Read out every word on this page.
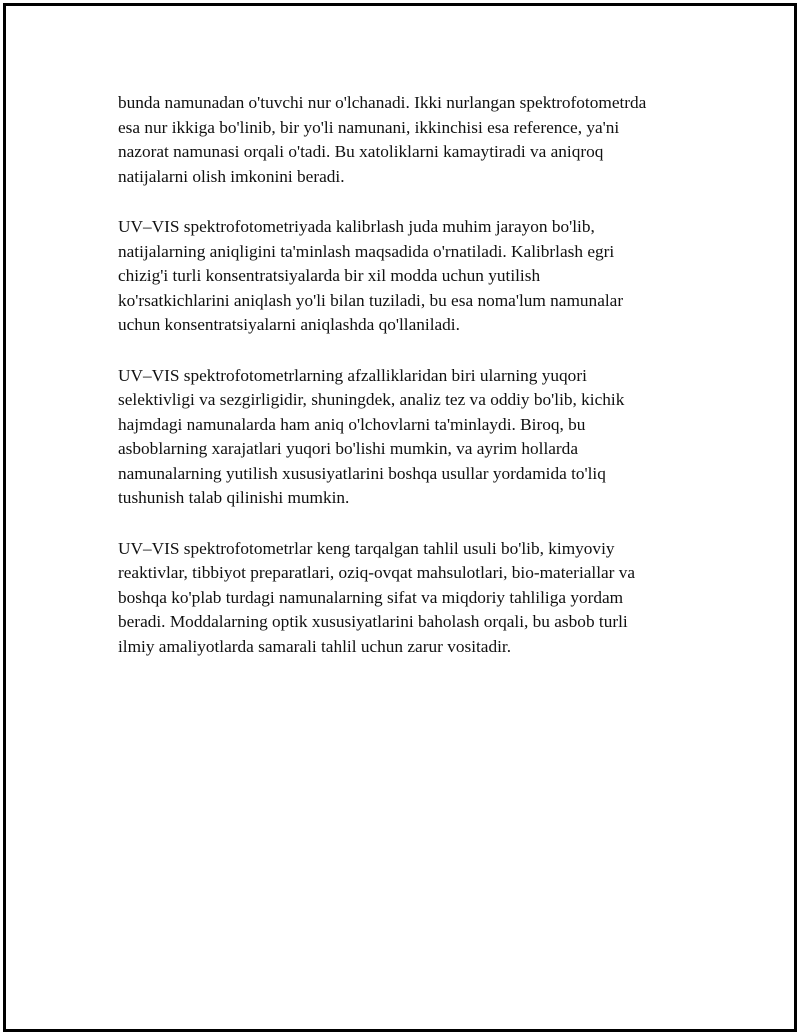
bunda namunadan o'tuvchi nur o'lchanadi. Ikki nurlangan spektrofotometrda
esa nur ikkiga bo'linib, bir yo'li namunani, ikkinchisi esa reference, ya'ni
nazorat namunasi orqali o'tadi. Bu xatoliklarni kamaytiradi va aniqroq
natijalarni olish imkonini beradi.

UV–VIS spektrofotometriyada kalibrlash juda muhim jarayon bo'lib,
natijalarning aniqligini ta'minlash maqsadida o'rnatiladi. Kalibrlash egri
chizig'i turli konsentratsiyalarda bir xil modda uchun yutilish
ko'rsatkichlarini aniqlash yo'li bilan tuziladi, bu esa noma'lum namunalar
uchun konsentratsiyalarni aniqlashda qo'llaniladi.

UV–VIS spektrofotometrlarning afzalliklaridan biri ularning yuqori
selektivligi va sezgirligidir, shuningdek, analiz tez va oddiy bo'lib, kichik
hajmdagi namunalarda ham aniq o'lchovlarni ta'minlaydi. Biroq, bu
asboblarning xarajatlari yuqori bo'lishi mumkin, va ayrim hollarda
namunalarning yutilish xususiyatlarini boshqa usullar yordamida to'liq
tushunish talab qilinishi mumkin.

UV–VIS spektrofotometrlar keng tarqalgan tahlil usuli bo'lib, kimyoviy
reaktivlar, tibbiyot preparatlari, oziq-ovqat mahsulotlari, bio-materiallar va
boshqa ko'plab turdagi namunalarning sifat va miqdoriy tahliliga yordam
beradi. Moddalarning optik xususiyatlarini baholash orqali, bu asbob turli
ilmiy amaliyotlarda samarali tahlil uchun zarur vositadir.
